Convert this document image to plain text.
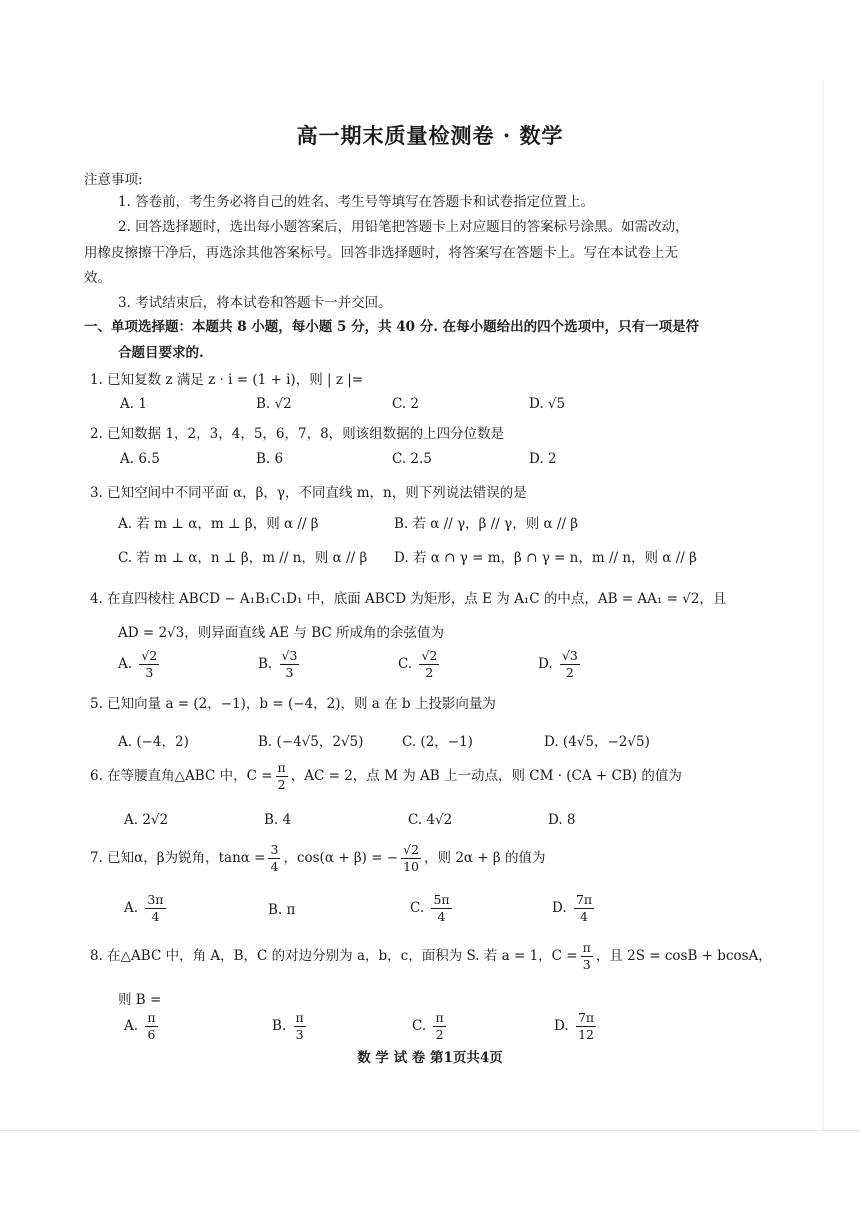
高一期末质量检测卷 · 数学
注意事项:
1. 答卷前，考生务必将自己的姓名、考生号等填写在答题卡和试卷指定位置上。
2. 回答选择题时，选出每小题答案后，用铅笔把答题卡上对应题目的答案标号涂黑。如需改动，
用橡皮擦擦干净后，再选涂其他答案标号。回答非选择题时，将答案写在答题卡上。写在本试卷上无
效。
3. 考试结束后，将本试卷和答题卡一并交回。
一、单项选择题：本题共 8 小题，每小题 5 分，共 40 分. 在每小题给出的四个选项中，只有一项是符
合题目要求的.
1. 已知复数 z 满足 z · i = (1 + i)，则 | z |=
A. 1	B. √2	C. 2	D. √5
2. 已知数据 1，2，3，4，5，6，7，8，则该组数据的上四分位数是
A. 6.5	B. 6	C. 2.5	D. 2
3. 已知空间中不同平面 α，β，γ，不同直线 m，n，则下列说法错误的是
A. 若 m ⊥ α，m ⊥ β，则 α // β	B. 若 α // γ，β // γ，则 α // β
C. 若 m ⊥ α，n ⊥ β，m // n，则 α // β D. 若 α ∩ γ = m，β ∩ γ = n，m // n，则 α // β
4. 在直四棱柱 ABCD − A₁B₁C₁D₁ 中，底面 ABCD 为矩形，点 E 为 A₁C 的中点，AB = AA₁ = √2，且
AD = 2√3，则异面直线 AE 与 BC 所成角的余弦值为
A. $\frac{√2}{3}$	B. $\frac{√3}{3}$	C. $\frac{√2}{2}$	D. $\frac{√3}{2}$
5. 已知向量 a = (2，−1)，b = (−4，2)，则 a 在 b 上投影向量为
A. (−4，2)	B. (−4√5，2√5)	C. (2，−1)	D. (4√5，−2√5)
6. 在等腰直角△ABC 中，$C = \frac{\pi}{2}$ ，AC = 2，点 M 为 AB 上一动点，则 CM · (CA + CB) 的值为
A. 2√2	B. 4	C. 4√2	D. 8
7. 已知α，β为锐角，$\tan\alpha = \frac{3}{4}$ ，cos(α + β) = − $\frac{√2}{10}$ ，则 2α + β 的值为
A. $\frac{3\pi}{4}$	B. π	C. $\frac{5\pi}{4}$	D. $\frac{7\pi}{4}$
8. 在△ABC 中，角 A，B，C 的对边分别为 a，b，c，面积为 S. 若 a = 1，$C = \frac{\pi}{3}$ ，且 2S = cosB + bcosA，
则 B =
A. $\frac{\pi}{6}$	B. $\frac{\pi}{3}$	C. $\frac{\pi}{2}$	D. $\frac{7\pi}{12}$
数 学 试 卷 第1页共4页
